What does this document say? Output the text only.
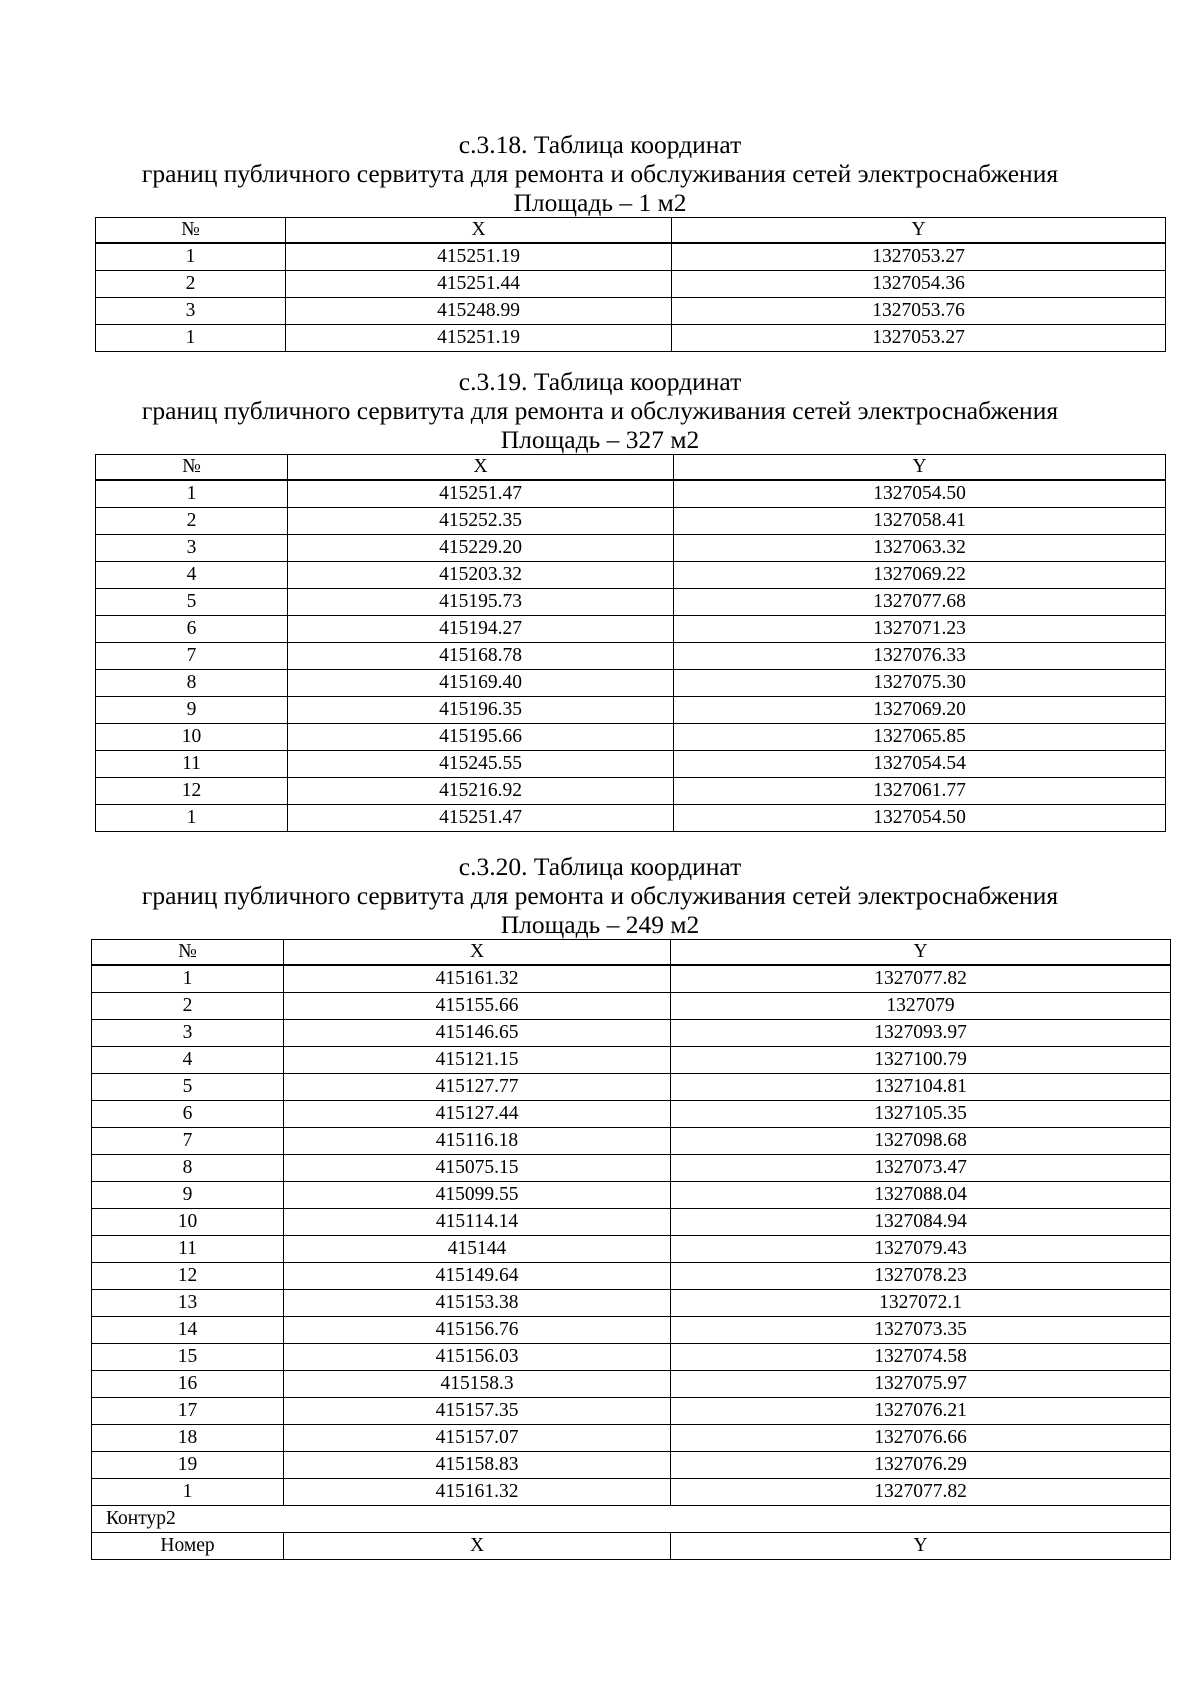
с.3.18. Таблица координат
границ публичного сервитута для ремонта и обслуживания сетей электроснабжения
Площадь – 1 м2
№	X	Y
1	415251.19	1327053.27
2	415251.44	1327054.36
3	415248.99	1327053.76
1	415251.19	1327053.27
с.3.19. Таблица координат
границ публичного сервитута для ремонта и обслуживания сетей электроснабжения
Площадь – 327 м2
№	X	Y
1	415251.47	1327054.50
2	415252.35	1327058.41
3	415229.20	1327063.32
4	415203.32	1327069.22
5	415195.73	1327077.68
6	415194.27	1327071.23
7	415168.78	1327076.33
8	415169.40	1327075.30
9	415196.35	1327069.20
10	415195.66	1327065.85
11	415245.55	1327054.54
12	415216.92	1327061.77
1	415251.47	1327054.50
с.3.20. Таблица координат
границ публичного сервитута для ремонта и обслуживания сетей электроснабжения
Площадь – 249 м2
№	X	Y
1	415161.32	1327077.82
2	415155.66	1327079
3	415146.65	1327093.97
4	415121.15	1327100.79
5	415127.77	1327104.81
6	415127.44	1327105.35
7	415116.18	1327098.68
8	415075.15	1327073.47
9	415099.55	1327088.04
10	415114.14	1327084.94
11	415144	1327079.43
12	415149.64	1327078.23
13	415153.38	1327072.1
14	415156.76	1327073.35
15	415156.03	1327074.58
16	415158.3	1327075.97
17	415157.35	1327076.21
18	415157.07	1327076.66
19	415158.83	1327076.29
1	415161.32	1327077.82
Контур2		
Номер	X	Y
